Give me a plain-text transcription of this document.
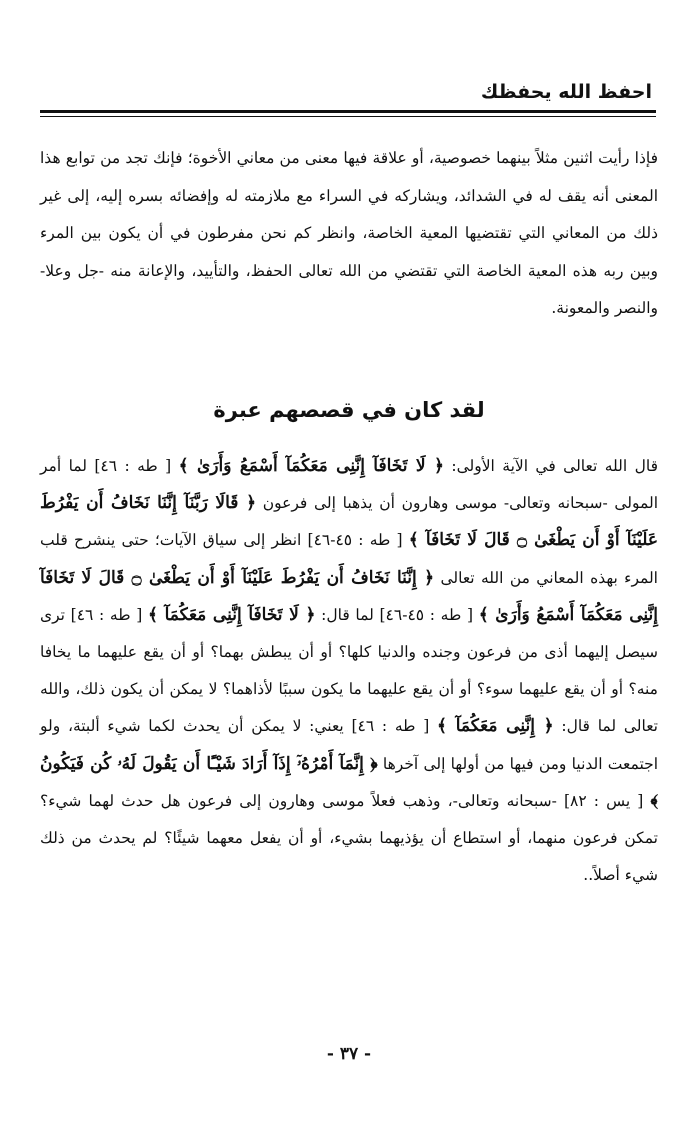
احفظ الله يحفظك

فإذا رأيت اثنين مثلاً بينهما خصوصية، أو علاقة فيها معنى من معاني الأخوة؛ فإنك تجد من توابع هذا المعنى أنه يقف له في الشدائد، ويشاركه في السراء مع ملازمته له وإفضائه بسره إليه، إلى غير ذلك من المعاني التي تقتضيها المعية الخاصة، وانظر كم نحن مفرطون في أن يكون بين المرء وبين ربه هذه المعية الخاصة التي تقتضي من الله تعالى الحفظ، والتأييد، والإعانة منه -جل وعلا- والنصر والمعونة.

لقد كان في قصصهم عبرة

قال الله تعالى في الآية الأولى: ﴿ لَا تَخَافَآ إِنَّنِى مَعَكُمَآ أَسْمَعُ وَأَرَىٰ ﴾ [ طه : ٤٦] لما أمر المولى -سبحانه وتعالى- موسى وهارون أن يذهبا إلى فرعون ﴿ قَالَا رَبَّنَآ إِنَّنَا نَخَافُ أَن يَفْرُطَ عَلَيْنَآ أَوْ أَن يَطْغَىٰ ۝ قَالَ لَا تَخَافَآ ﴾ [ طه : ٤٥-٤٦] انظر إلى سياق الآيات؛ حتى ينشرح قلب المرء بهذه المعاني من الله تعالى ﴿ إِنَّنَا نَخَافُ أَن يَفْرُطَ عَلَيْنَآ أَوْ أَن يَطْغَىٰ ۝ قَالَ لَا تَخَافَآ إِنَّنِى مَعَكُمَآ أَسْمَعُ وَأَرَىٰ ﴾ [ طه : ٤٥-٤٦] لما قال: ﴿ لَا تَخَافَآ إِنَّنِى مَعَكُمَآ ﴾ [ طه : ٤٦] ترى سيصل إليهما أذى من فرعون وجنده والدنيا كلها؟ أو أن يبطش بهما؟ أو أن يقع عليهما ما يخافا منه؟ أو أن يقع عليهما سوء؟ أو أن يقع عليهما ما يكون سببًا لأذاهما؟ لا يمكن أن يكون ذلك، والله تعالى لما قال: ﴿ إِنَّنِى مَعَكُمَآ ﴾ [ طه : ٤٦] يعني: لا يمكن أن يحدث لكما شيء ألبتة، ولو اجتمعت الدنيا ومن فيها من أولها إلى آخرها ﴿ إِنَّمَآ أَمْرُهُۥٓ إِذَآ أَرَادَ شَيْـًٔا أَن يَقُولَ لَهُۥ كُن فَيَكُونُ ﴾ [ يس : ٨٢] -سبحانه وتعالى-، وذهب فعلاً موسى وهارون إلى فرعون هل حدث لهما شيء؟ تمكن فرعون منهما، أو استطاع أن يؤذيهما بشيء، أو أن يفعل معهما شيئًا؟ لم يحدث من ذلك شيء أصلاً..

- ٣٧ -
